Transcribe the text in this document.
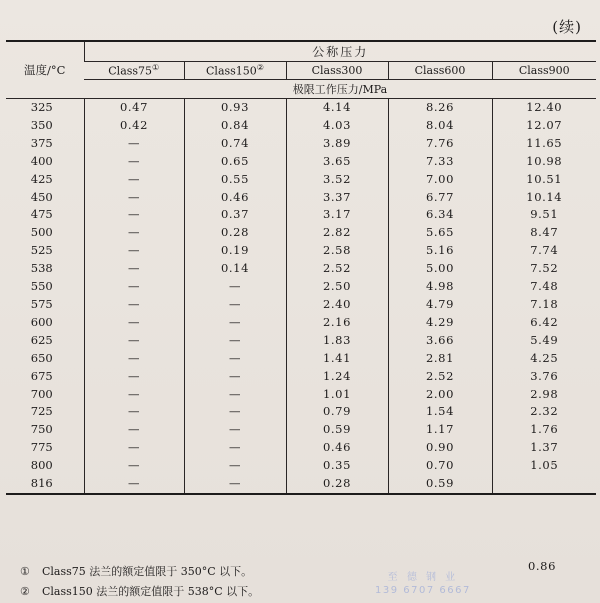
(续)
温度/°C	公称压力				
	Class75①	Class150②	Class300	Class600	Class900
	极限工作压力/MPa				
325	0.47	0.93	4.14	8.26	12.40
350	0.42	0.84	4.03	8.04	12.07
375	—	0.74	3.89	7.76	11.65
400	—	0.65	3.65	7.33	10.98
425	—	0.55	3.52	7.00	10.51
450	—	0.46	3.37	6.77	10.14
475	—	0.37	3.17	6.34	9.51
500	—	0.28	2.82	5.65	8.47
525	—	0.19	2.58	5.16	7.74
538	—	0.14	2.52	5.00	7.52
550	—	—	2.50	4.98	7.48
575	—	—	2.40	4.79	7.18
600	—	—	2.16	4.29	6.42
625	—	—	1.83	3.66	5.49
650	—	—	1.41	2.81	4.25
675	—	—	1.24	2.52	3.76
700	—	—	1.01	2.00	2.98
725	—	—	0.79	1.54	2.32
750	—	—	0.59	1.17	1.76
775	—	—	0.46	0.90	1.37
800	—	—	0.35	0.70	1.05
816	—	—	0.28	0.59	
0.86
① Class75 法兰的额定值限于 350°C 以下。
② Class150 法兰的额定值限于 538°C 以下。
至 德 钢 业
139 6707 6667
